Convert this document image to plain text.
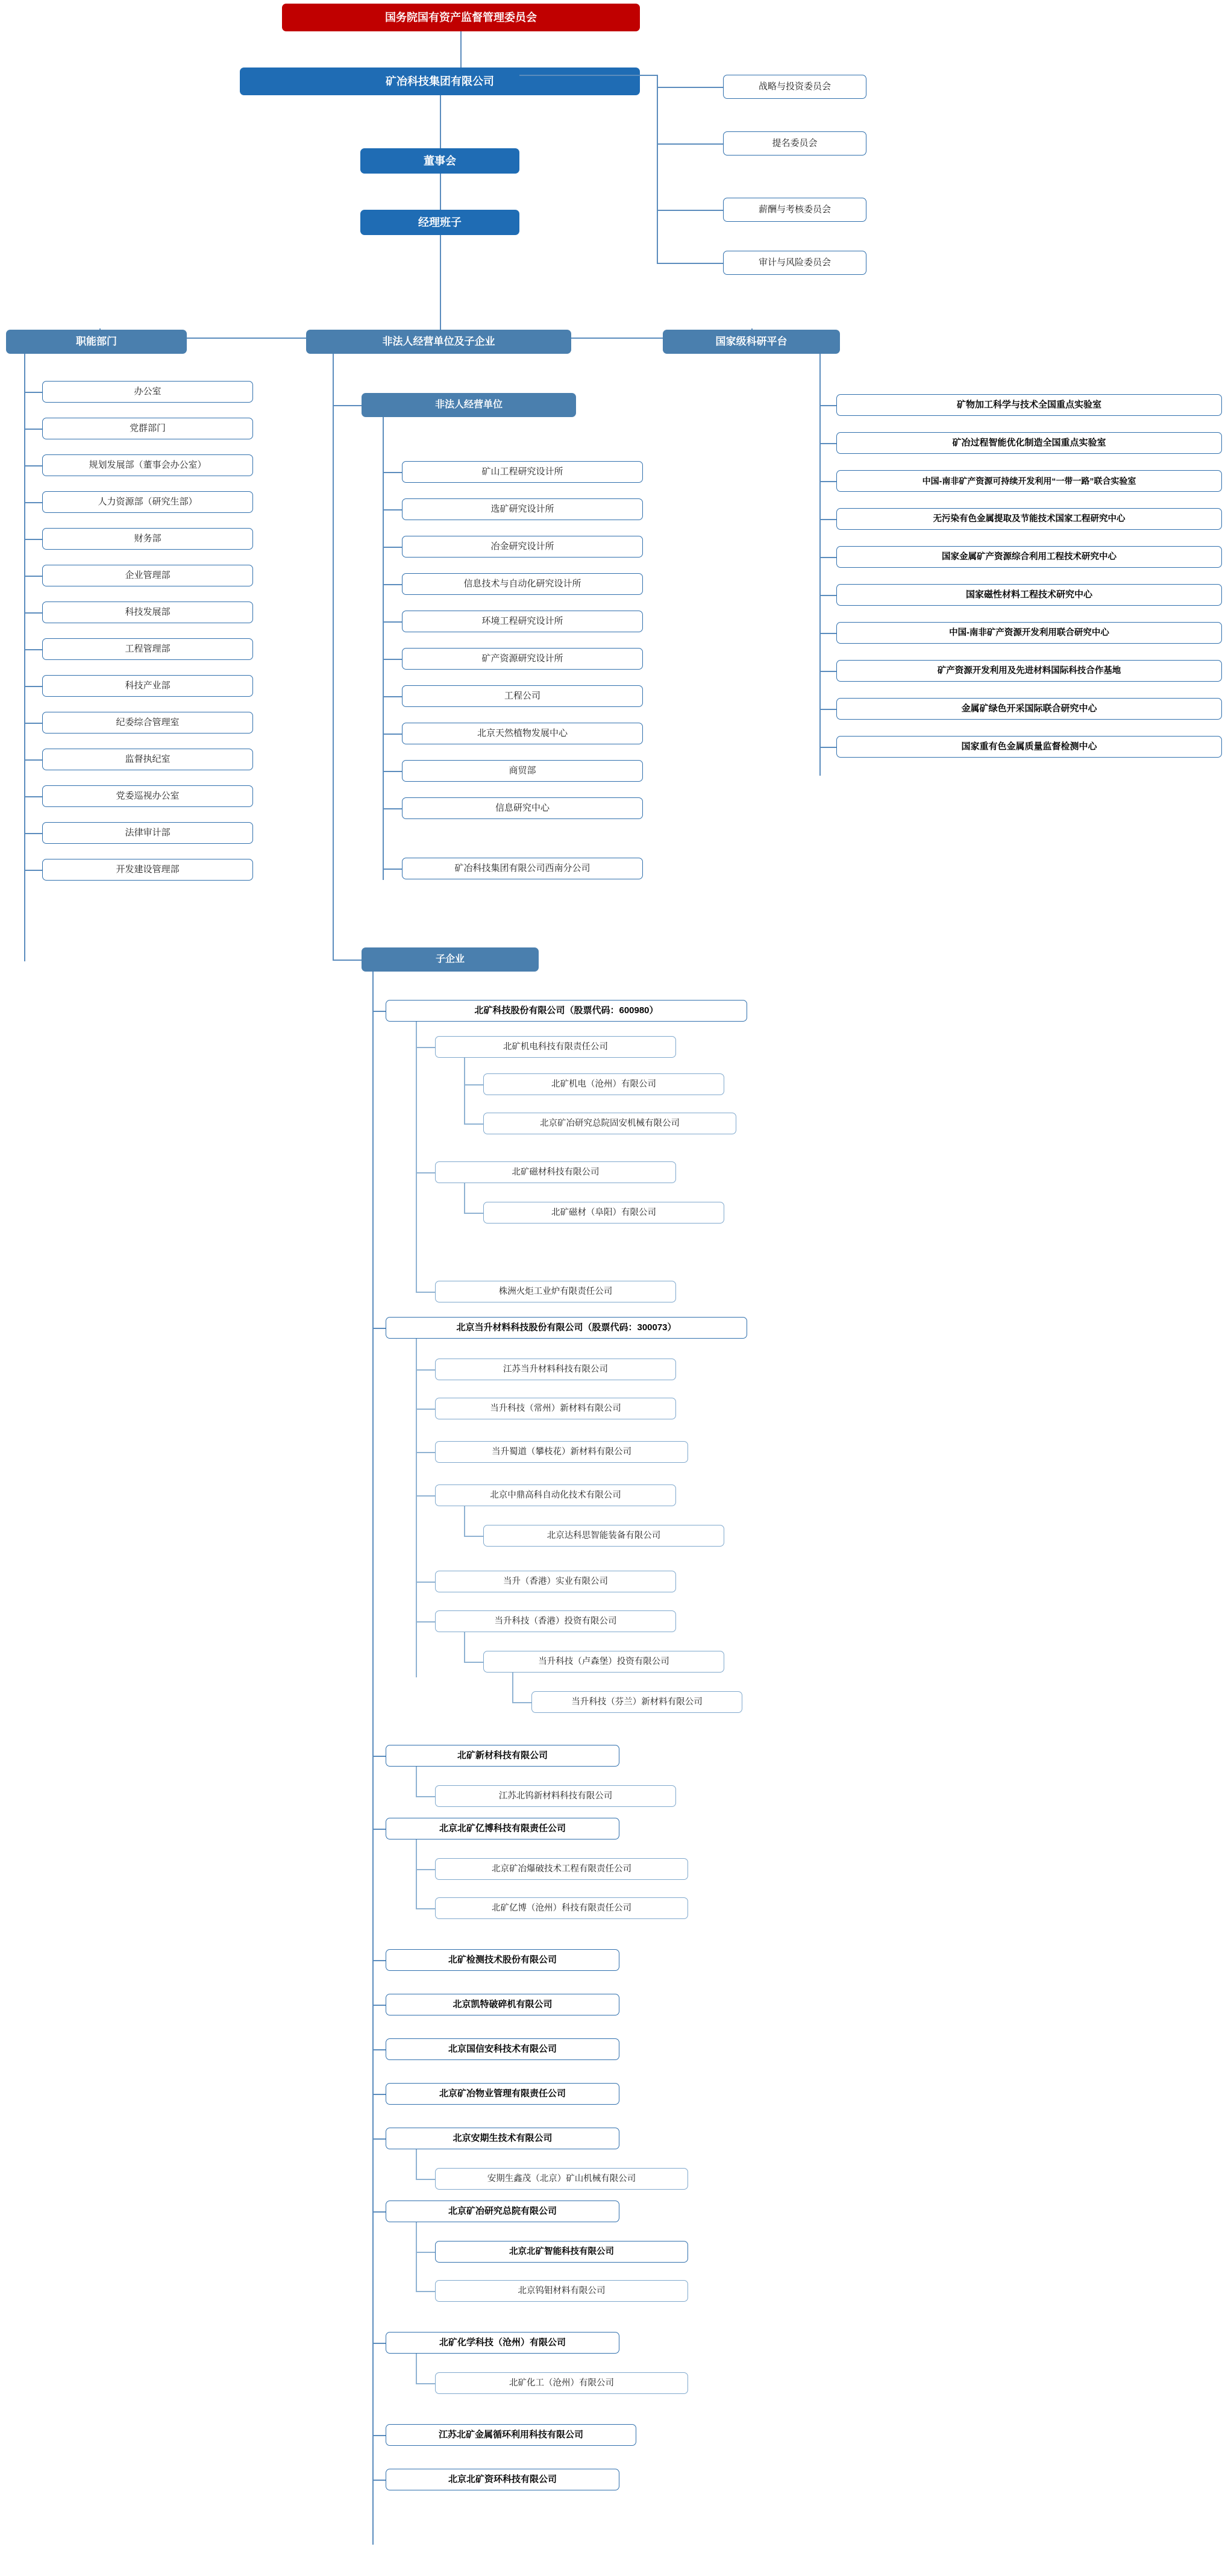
国务院国有资产监督管理委员会
矿冶科技集团有限公司
董事会
经理班子
战略与投资委员会
提名委员会
薪酬与考核委员会
审计与风险委员会
职能部门	非法人经营单位及子企业	国家级科研平台
办公室
党群部门
规划发展部（董事会办公室）
人力资源部（研究生部）
财务部
企业管理部
科技发展部
工程管理部
科技产业部
纪委综合管理室
监督执纪室
党委巡视办公室
法律审计部
开发建设管理部
非法人经营单位
矿山工程研究设计所
选矿研究设计所
冶金研究设计所
信息技术与自动化研究设计所
环境工程研究设计所
矿产资源研究设计所
工程公司
北京天然植物发展中心
商贸部
信息研究中心
矿冶科技集团有限公司西南分公司
子企业
北矿科技股份有限公司（股票代码：600980）
北矿机电科技有限责任公司
北矿机电（沧州）有限公司
北京矿冶研究总院固安机械有限公司
北矿磁材科技有限公司
北矿磁材（阜阳）有限公司
株洲火炬工业炉有限责任公司
北京当升材料科技股份有限公司（股票代码：300073）
江苏当升材料科技有限公司
当升科技（常州）新材料有限公司
当升蜀道（攀枝花）新材料有限公司
北京中鼎高科自动化技术有限公司
北京达科思智能装备有限公司
当升（香港）实业有限公司
当升科技（香港）投资有限公司
当升科技（卢森堡）投资有限公司
当升科技（芬兰）新材料有限公司
北矿新材科技有限公司
江苏北钨新材料科技有限公司
北京北矿亿博科技有限责任公司
北京矿冶爆破技术工程有限责任公司
北矿亿博（沧州）科技有限责任公司
北矿检测技术股份有限公司
北京凯特破碎机有限公司
北京国信安科技术有限公司
北京矿冶物业管理有限责任公司
北京安期生技术有限公司
安期生鑫茂（北京）矿山机械有限公司
北京矿冶研究总院有限公司
北京北矿智能科技有限公司
北京钨钼材料有限公司
北矿化学科技（沧州）有限公司
北矿化工（沧州）有限公司
江苏北矿金属循环利用科技有限公司
北京北矿资环科技有限公司
矿物加工科学与技术全国重点实验室
矿冶过程智能优化制造全国重点实验室
中国-南非矿产资源可持续开发利用“一带一路”联合实验室
无污染有色金属提取及节能技术国家工程研究中心
国家金属矿产资源综合利用工程技术研究中心
国家磁性材料工程技术研究中心
中国-南非矿产资源开发利用联合研究中心
矿产资源开发利用及先进材料国际科技合作基地
金属矿绿色开采国际联合研究中心
国家重有色金属质量监督检测中心
